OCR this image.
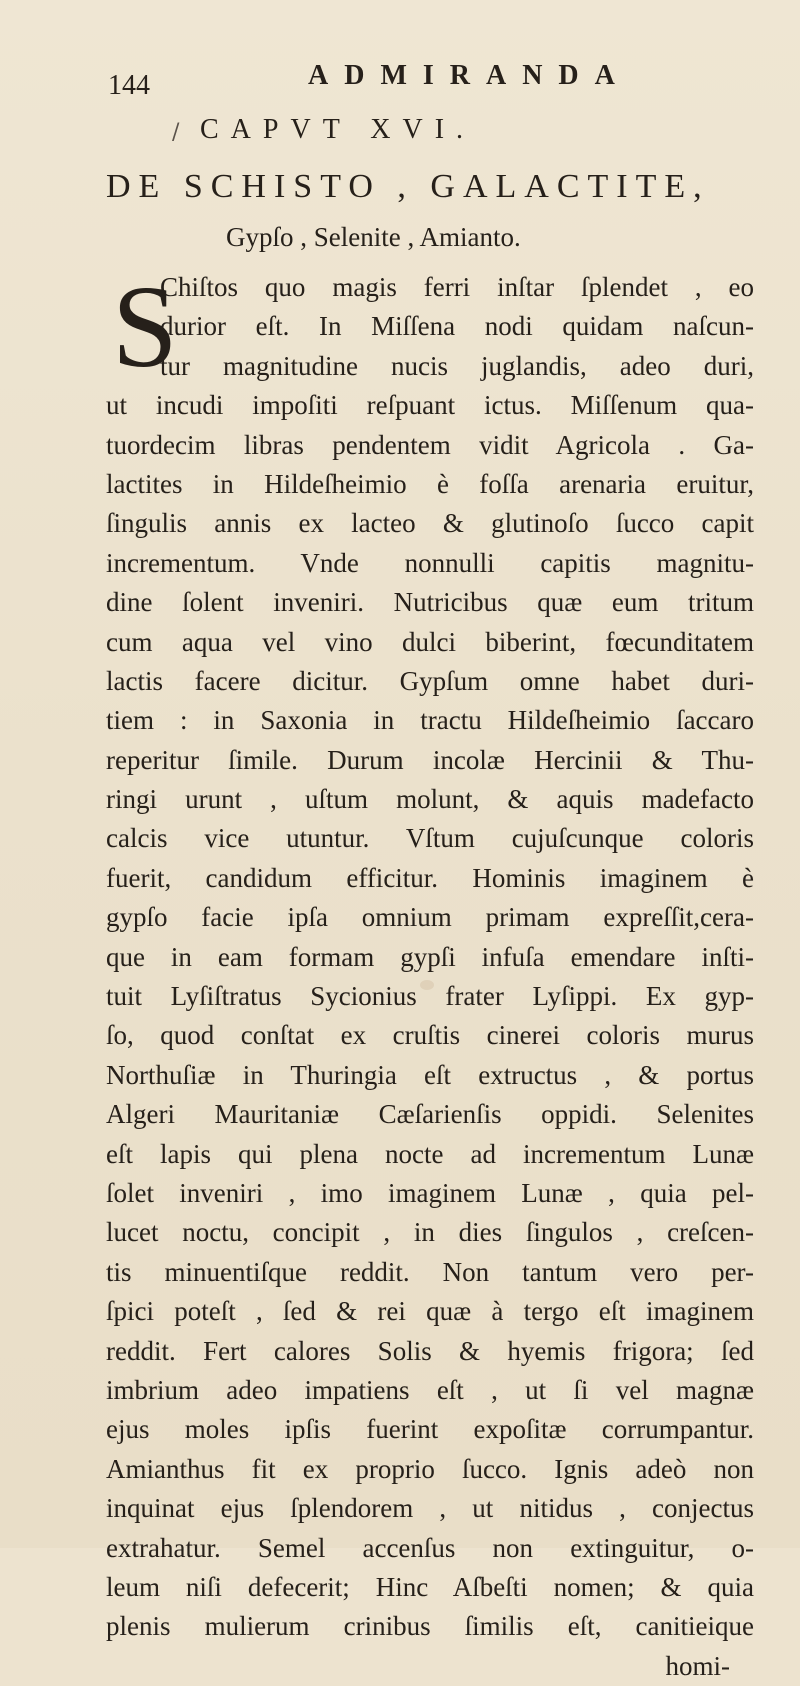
144	ADMIRANDA
/ CAPVT XVI.
DE SCHISTO , GALACTITE,
Gypſo , Selenite , Amianto.
S
Chiſtos quo magis ferri inſtar ſplendet , eo
durior eſt. In Miſſena nodi quidam naſcun-
tur magnitudine nucis juglandis, adeo duri,
ut incudi impoſiti reſpuant ictus. Miſſenum qua-
tuordecim libras pendentem vidit Agricola . Ga-
lactites in Hildeſheimio è foſſa arenaria eruitur,
ſingulis annis ex lacteo & glutinoſo ſucco capit
incrementum. Vnde nonnulli capitis magnitu-
dine ſolent inveniri. Nutricibus quæ eum tritum
cum aqua vel vino dulci biberint, fœcunditatem
lactis facere dicitur. Gypſum omne habet duri-
tiem : in Saxonia in tractu Hildeſheimio ſaccaro
reperitur ſimile. Durum incolæ Hercinii & Thu-
ringi urunt , uſtum molunt, & aquis madefacto
calcis vice utuntur. Vſtum cujuſcunque coloris
fuerit, candidum efficitur. Hominis imaginem è
gypſo facie ipſa omnium primam expreſſit,cera-
que in eam formam gypſi infuſa emendare inſti-
tuit Lyſiſtratus Sycionius frater Lyſippi. Ex gyp-
ſo, quod conſtat ex cruſtis cinerei coloris murus
Northuſiæ in Thuringia eſt extructus , & portus
Algeri Mauritaniæ Cæſarienſis oppidi. Selenites
eſt lapis qui plena nocte ad incrementum Lunæ
ſolet inveniri , imo imaginem Lunæ , quia pel-
lucet noctu, concipit , in dies ſingulos , creſcen-
tis minuentiſque reddit. Non tantum vero per-
ſpici poteſt , ſed & rei quæ à tergo eſt imaginem
reddit. Fert calores Solis & hyemis frigora; ſed
imbrium adeo impatiens eſt , ut ſi vel magnæ
ejus moles ipſis fuerint expoſitæ corrumpantur.
Amianthus fit ex proprio ſucco. Ignis adeò non
inquinat ejus ſplendorem , ut nitidus , conjectus
extrahatur. Semel accenſus non extinguitur, o-
leum niſi defecerit; Hinc Aſbeſti nomen; & quia
plenis mulierum crinibus ſimilis eſt, canitieique
homi-
